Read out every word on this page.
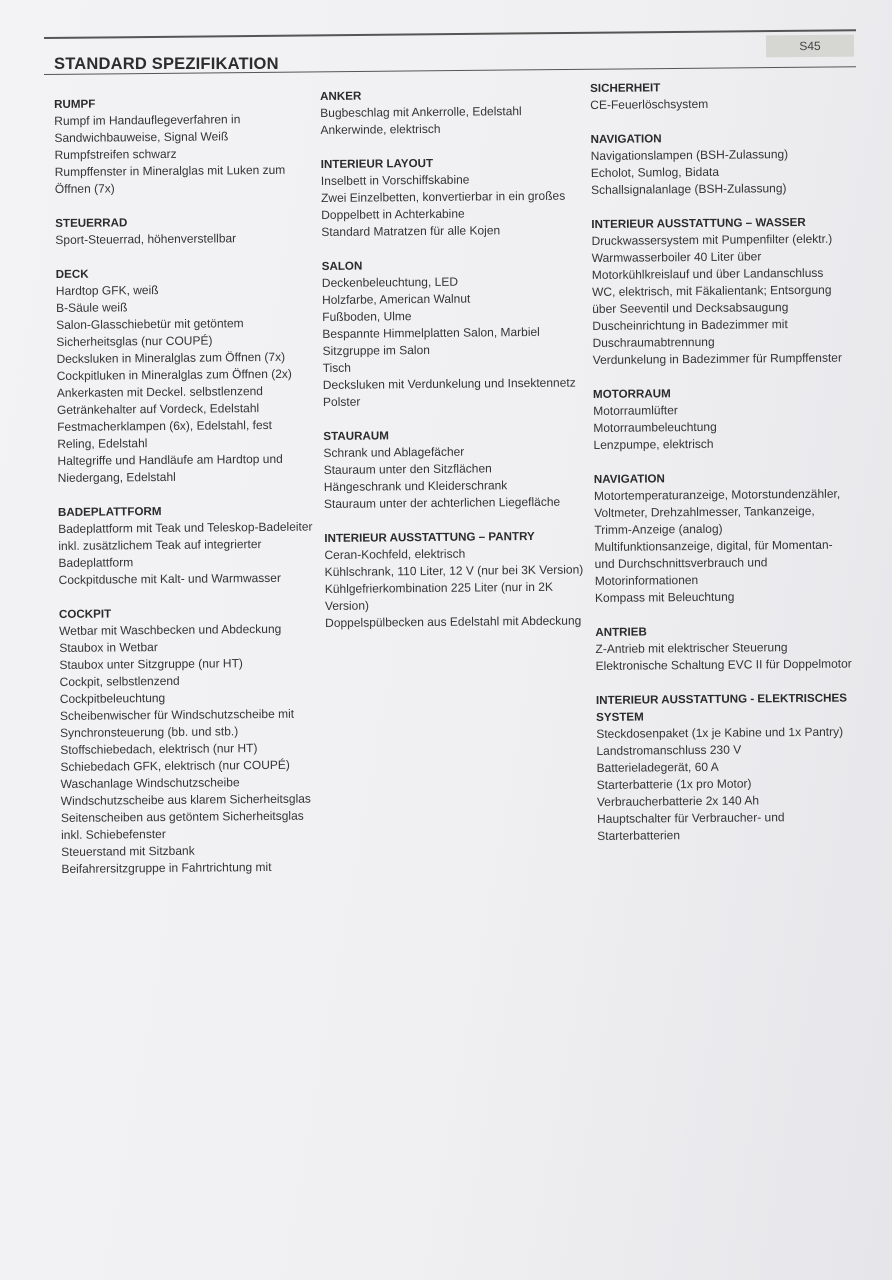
S45
STANDARD SPEZIFIKATION
RUMPF
Rumpf im Handauflegeverfahren in
Sandwichbauweise, Signal Weiß
Rumpfstreifen schwarz
Rumpffenster in Mineralglas mit Luken zum
Öffnen (7x)
STEUERRAD
Sport-Steuerrad, höhenverstellbar
DECK
Hardtop GFK, weiß
B-Säule weiß
Salon-Glasschiebetür mit getöntem
Sicherheitsglas (nur COUPÉ)
Decksluken in Mineralglas zum Öffnen (7x)
Cockpitluken in Mineralglas zum Öffnen (2x)
Ankerkasten mit Deckel. selbstlenzend
Getränkehalter auf Vordeck, Edelstahl
Festmacherklampen (6x), Edelstahl, fest
Reling, Edelstahl
Haltegriffe und Handläufe am Hardtop und
Niedergang, Edelstahl
BADEPLATTFORM
Badeplattform mit Teak und Teleskop-Badeleiter
inkl. zusätzlichem Teak auf integrierter
Badeplattform
Cockpitdusche mit Kalt- und Warmwasser
COCKPIT
Wetbar mit Waschbecken und Abdeckung
Staubox in Wetbar
Staubox unter Sitzgruppe (nur HT)
Cockpit, selbstlenzend
Cockpitbeleuchtung
Scheibenwischer für Windschutzscheibe mit
Synchronsteuerung (bb. und stb.)
Stoffschiebedach, elektrisch (nur HT)
Schiebedach GFK, elektrisch (nur COUPÉ)
Waschanlage Windschutzscheibe
Windschutzscheibe aus klarem Sicherheitsglas
Seitenscheiben aus getöntem Sicherheitsglas
inkl. Schiebefenster
Steuerstand mit Sitzbank
Beifahrersitzgruppe in Fahrtrichtung mit
ANKER
Bugbeschlag mit Ankerrolle, Edelstahl
Ankerwinde, elektrisch
INTERIEUR LAYOUT
Inselbett in Vorschiffskabine
Zwei Einzelbetten, konvertierbar in ein großes
Doppelbett in Achterkabine
Standard Matratzen für alle Kojen
SALON
Deckenbeleuchtung, LED
Holzfarbe, American Walnut
Fußboden, Ulme
Bespannte Himmelplatten Salon, Marbiel
Sitzgruppe im Salon
Tisch
Decksluken mit Verdunkelung und Insektennetz
Polster
STAURAUM
Schrank und Ablagefächer
Stauraum unter den Sitzflächen
Hängeschrank und Kleiderschrank
Stauraum unter der achterlichen Liegefläche
INTERIEUR AUSSTATTUNG – PANTRY
Ceran-Kochfeld, elektrisch
Kühlschrank, 110 Liter, 12 V (nur bei 3K Version)
Kühlgefrierkombination 225 Liter (nur in 2K
Version)
Doppelspülbecken aus Edelstahl mit Abdeckung
SICHERHEIT
CE-Feuerlöschsystem
NAVIGATION
Navigationslampen (BSH-Zulassung)
Echolot, Sumlog, Bidata
Schallsignalanlage (BSH-Zulassung)
INTERIEUR AUSSTATTUNG – WASSER
Druckwassersystem mit Pumpenfilter (elektr.)
Warmwasserboiler 40 Liter über
Motorkühlkreislauf und über Landanschluss
WC, elektrisch, mit Fäkalientank; Entsorgung
über Seeventil und Decksabsaugung
Duscheinrichtung in Badezimmer mit
Duschraumabtrennung
Verdunkelung in Badezimmer für Rumpffenster
MOTORRAUM
Motorraumlüfter
Motorraumbeleuchtung
Lenzpumpe, elektrisch
NAVIGATION
Motortemperaturanzeige, Motorstundenzähler,
Voltmeter, Drehzahlmesser, Tankanzeige,
Trimm-Anzeige (analog)
Multifunktionsanzeige, digital, für Momentan-
und Durchschnittsverbrauch und
Motorinformationen
Kompass mit Beleuchtung
ANTRIEB
Z-Antrieb mit elektrischer Steuerung
Elektronische Schaltung EVC II für Doppelmotor
INTERIEUR AUSSTATTUNG - ELEKTRISCHES SYSTEM
Steckdosenpaket (1x je Kabine und 1x Pantry)
Landstromanschluss 230 V
Batterieladegerät, 60 A
Starterbatterie (1x pro Motor)
Verbraucherbatterie 2x 140 Ah
Hauptschalter für Verbraucher- und
Starterbatterien
